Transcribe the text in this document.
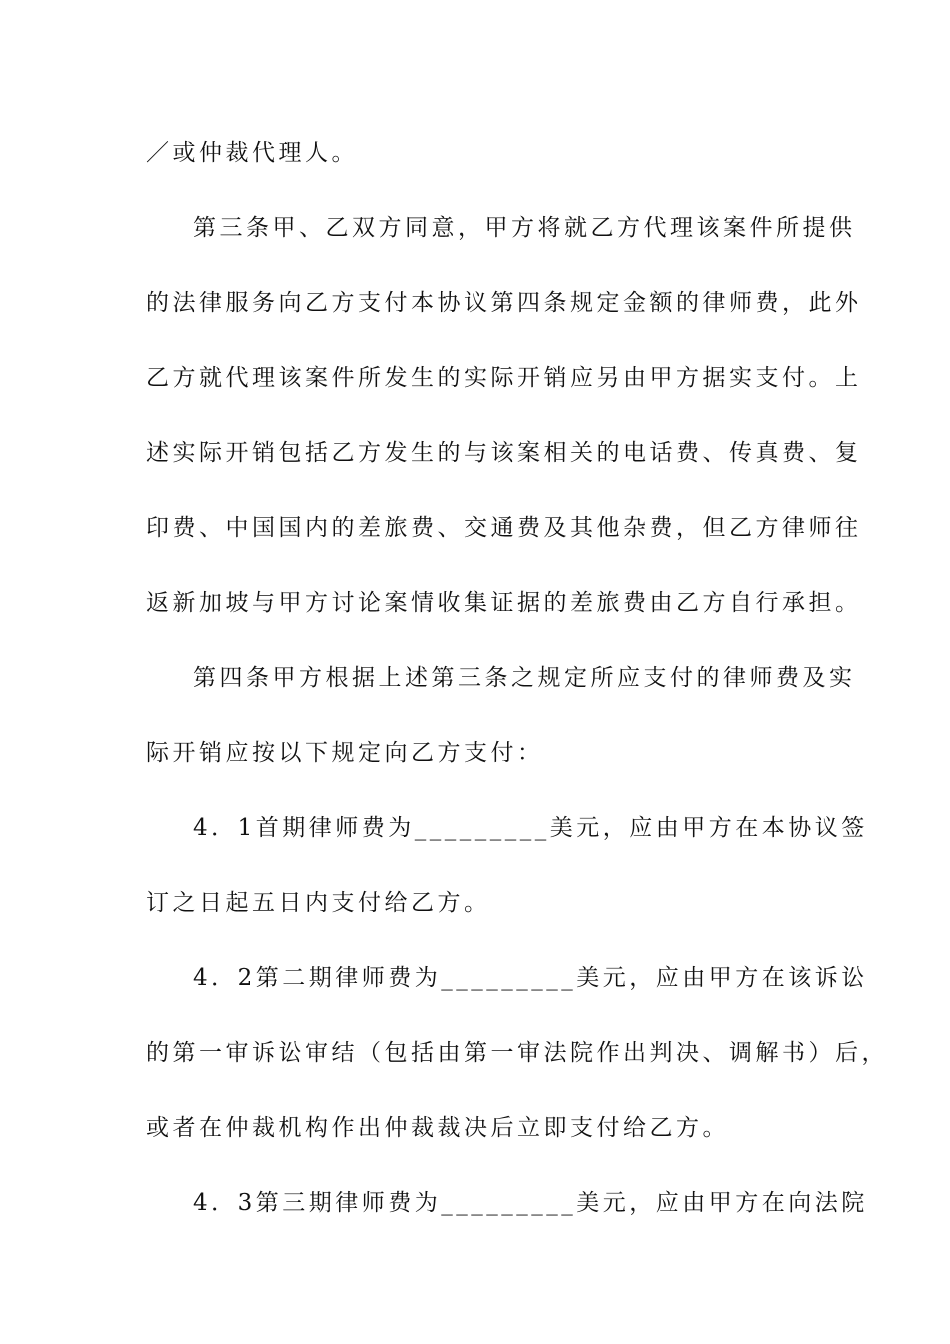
／或仲裁代理人。
第三条甲、乙双方同意，甲方将就乙方代理该案件所提供
的法律服务向乙方支付本协议第四条规定金额的律师费，此外
乙方就代理该案件所发生的实际开销应另由甲方据实支付。上
述实际开销包括乙方发生的与该案相关的电话费、传真费、复
印费、中国国内的差旅费、交通费及其他杂费，但乙方律师往
返新加坡与甲方讨论案情收集证据的差旅费由乙方自行承担。
第四条甲方根据上述第三条之规定所应支付的律师费及实
际开销应按以下规定向乙方支付：
4．1首期律师费为_________美元，应由甲方在本协议签
订之日起五日内支付给乙方。
4．2第二期律师费为_________美元，应由甲方在该诉讼
的第一审诉讼审结（包括由第一审法院作出判决、调解书）后，
或者在仲裁机构作出仲裁裁决后立即支付给乙方。
4．3第三期律师费为_________美元，应由甲方在向法院
